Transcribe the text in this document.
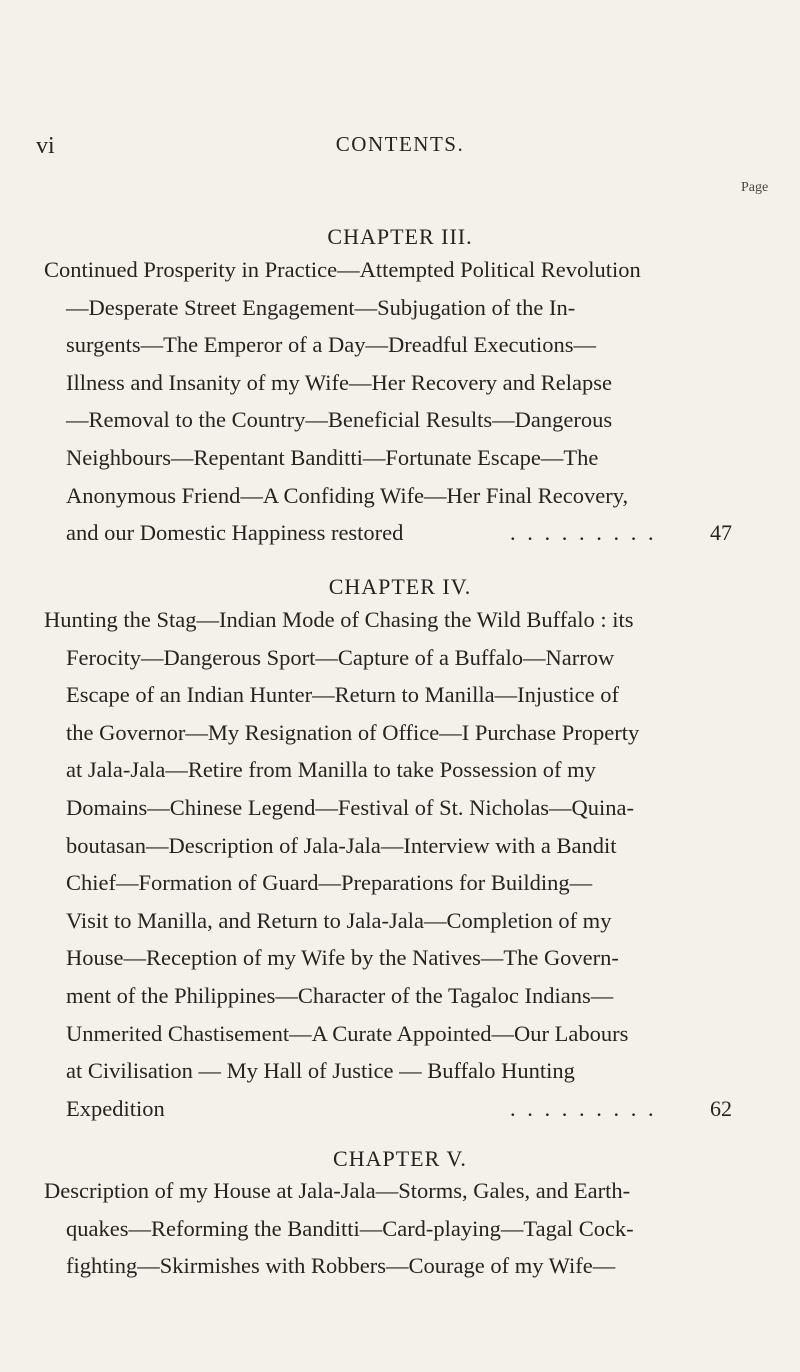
vi	CONTENTS.
Page
CHAPTER III.
Continued Prosperity in Practice—Attempted Political Revolution
—Desperate Street Engagement—Subjugation of the In-
surgents—The Emperor of a Day—Dreadful Executions—
Illness and Insanity of my Wife—Her Recovery and Relapse
—Removal to the Country—Beneficial Results—Dangerous
Neighbours—Repentant Banditti—Fortunate Escape—The
Anonymous Friend—A Confiding Wife—Her Final Recovery,
and our Domestic Happiness restored	. . . . . . . . . 47
CHAPTER IV.
Hunting the Stag—Indian Mode of Chasing the Wild Buffalo : its
Ferocity—Dangerous Sport—Capture of a Buffalo—Narrow
Escape of an Indian Hunter—Return to Manilla—Injustice of
the Governor—My Resignation of Office—I Purchase Property
at Jala-Jala—Retire from Manilla to take Possession of my
Domains—Chinese Legend—Festival of St. Nicholas—Quina-
boutasan—Description of Jala-Jala—Interview with a Bandit
Chief—Formation of Guard—Preparations for Building—
Visit to Manilla, and Return to Jala-Jala—Completion of my
House—Reception of my Wife by the Natives—The Govern-
ment of the Philippines—Character of the Tagaloc Indians—
Unmerited Chastisement—A Curate Appointed—Our Labours
at Civilisation — My Hall of Justice — Buffalo Hunting
Expedition	. . . . . . . . . 62
CHAPTER V.
Description of my House at Jala-Jala—Storms, Gales, and Earth-
quakes—Reforming the Banditti—Card-playing—Tagal Cock-
fighting—Skirmishes with Robbers—Courage of my Wife—
